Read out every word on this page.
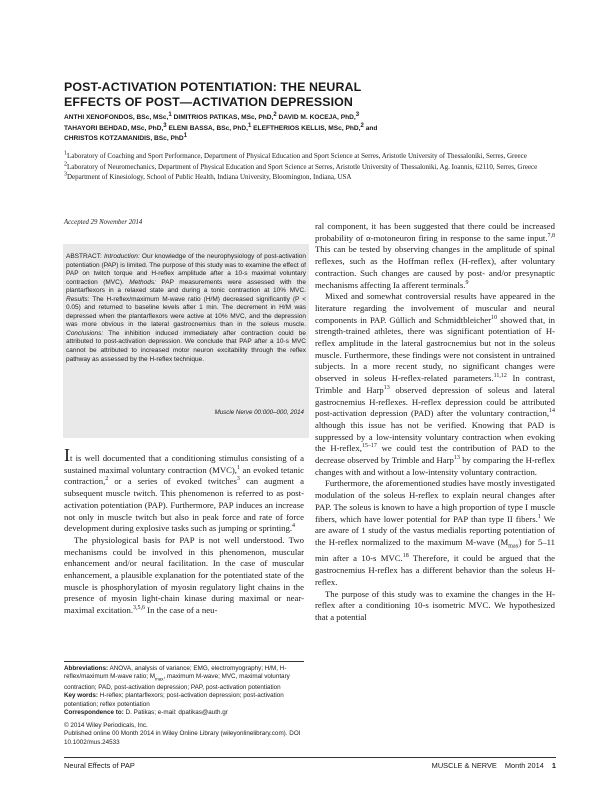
POST-ACTIVATION POTENTIATION: THE NEURAL
EFFECTS OF POST—ACTIVATION DEPRESSION
ANTHI XENOFONDOS, BSc, MSc,$^1$ DIMITRIOS PATIKAS, MSc, PhD,$^2$ DAVID M. KOCEJA, PhD,$^3$
TAHAYORI BEHDAD, MSc, PhD,$^3$ ELENI BASSA, BSc, PhD,$^1$ ELEFTHERIOS KELLIS, MSc, PhD,$^2$ and
CHRISTOS KOTZAMANIDIS, BSc, PhD$^1$

$^1$Laboratory of Coaching and Sport Performance, Department of Physical Education and Sport Science at Serres, Aristotle University of Thessaloniki, Serres, Greece

$^2$Laboratory of Neuromechanics, Department of Physical Education and Sport Science at Serres, Aristotle University of Thessaloniki, Ag. Ioannis, 62110, Serres, Greece

$^3$Department of Kinesiology, School of Public Health, Indiana University, Bloomington, Indiana, USA

Accepted 29 November 2014
ABSTRACT: Introduction: Our knowledge of the neurophysiology of post-activation potentiation (PAP) is limited. The purpose of this study was to examine the effect of PAP on twitch torque and H-reflex amplitude after a 10-s maximal voluntary contraction (MVC). Methods: PAP measurements were assessed with the plantarflexors in a relaxed state and during a tonic contraction at 10% MVC. Results: The H-reflex/maximum M-wave ratio (H/M) decreased significantly (P < 0.05) and returned to baseline levels after 1 min. The decrement in H/M was depressed when the plantarflexors were active at 10% MVC, and the depression was more obvious in the lateral gastrocnemius than in the soleus muscle. Conclusions: The inhibition induced immediately after contraction could be attributed to post-activation depression. We conclude that PAP after a 10-s MVC cannot be attributed to increased motor neuron excitability through the reflex pathway as assessed by the H-reflex technique.
Muscle Nerve 00:000–000, 2014

It is well documented that a conditioning stimulus consisting of a sustained maximal voluntary contraction (MVC),$^1$ an evoked tetanic contraction,$^2$ or a series of evoked twitches$^3$ can augment a subsequent muscle twitch. This phenomenon is referred to as post-activation potentiation (PAP). Furthermore, PAP induces an increase not only in muscle twitch but also in peak force and rate of force development during explosive tasks such as jumping or sprinting.$^4$

The physiological basis for PAP is not well understood. Two mechanisms could be involved in this phenomenon, muscular enhancement and/or neural facilitation. In the case of muscular enhancement, a plausible explanation for the potentiated state of the muscle is phosphorylation of myosin regulatory light chains in the presence of myosin light-chain kinase during maximal or near-maximal excitation.$^{3,5,6}$ In the case of a neu-

ral component, it has been suggested that there could be increased probability of α-motoneuron firing in response to the same input.$^{7,8}$ This can be tested by observing changes in the amplitude of spinal reflexes, such as the Hoffman reflex (H-reflex), after voluntary contraction. Such changes are caused by post- and/or presynaptic mechanisms affecting Ia afferent terminals.$^9$

Mixed and somewhat controversial results have appeared in the literature regarding the involvement of muscular and neural components in PAP. Güllich and Schmidtbleicher$^{10}$ showed that, in strength-trained athletes, there was significant potentiation of H-reflex amplitude in the lateral gastrocnemius but not in the soleus muscle. Furthermore, these findings were not consistent in untrained subjects. In a more recent study, no significant changes were observed in soleus H-reflex-related parameters.$^{11,12}$ In contrast, Trimble and Harp$^{13}$ observed depression of soleus and lateral gastrocnemius H-reflexes. H-reflex depression could be attributed post-activation depression (PAD) after the voluntary contraction,$^{14}$ although this issue has not be verified. Knowing that PAD is suppressed by a low-intensity voluntary contraction when evoking the H-reflex,$^{15-17}$ we could test the contribution of PAD to the decrease observed by Trimble and Harp$^{13}$ by comparing the H-reflex changes with and without a low-intensity voluntary contraction.

Furthermore, the aforementioned studies have mostly investigated modulation of the soleus H-reflex to explain neural changes after PAP. The soleus is known to have a high proportion of type I muscle fibers, which have lower potential for PAP than type II fibers.$^1$ We are aware of 1 study of the vastus medialis reporting potentiation of the H-reflex normalized to the maximum M-wave $(M_{max})$ for 5–11 min after a 10-s MVC.$^{18}$ Therefore, it could be argued that the gastrocnemius H-reflex has a different behavior than the soleus H-reflex.

The purpose of this study was to examine the changes in the H-reflex after a conditioning 10-s isometric MVC. We hypothesized that a potential

Abbreviations: ANOVA, analysis of variance; EMG, electromyography; H/M, H-reflex/maximum M-wave ratio; $M_{max}$, maximum M-wave; MVC, maximal voluntary contraction; PAD, post-activation depression; PAP, post-activation potentiation

Key words: H-reflex; plantarflexors; post-activation depression; post-activation potentiation; reflex potentiation

Correspondence to: D. Patikas; e-mail: dpatikas@auth.gr

© 2014 Wiley Periodicals, Inc.

Published online 00 Month 2014 in Wiley Online Library (wileyonlinelibrary.com). DOI 10.1002/mus.24533

Neural Effects of PAP	MUSCLE & NERVE Month 2014 1
